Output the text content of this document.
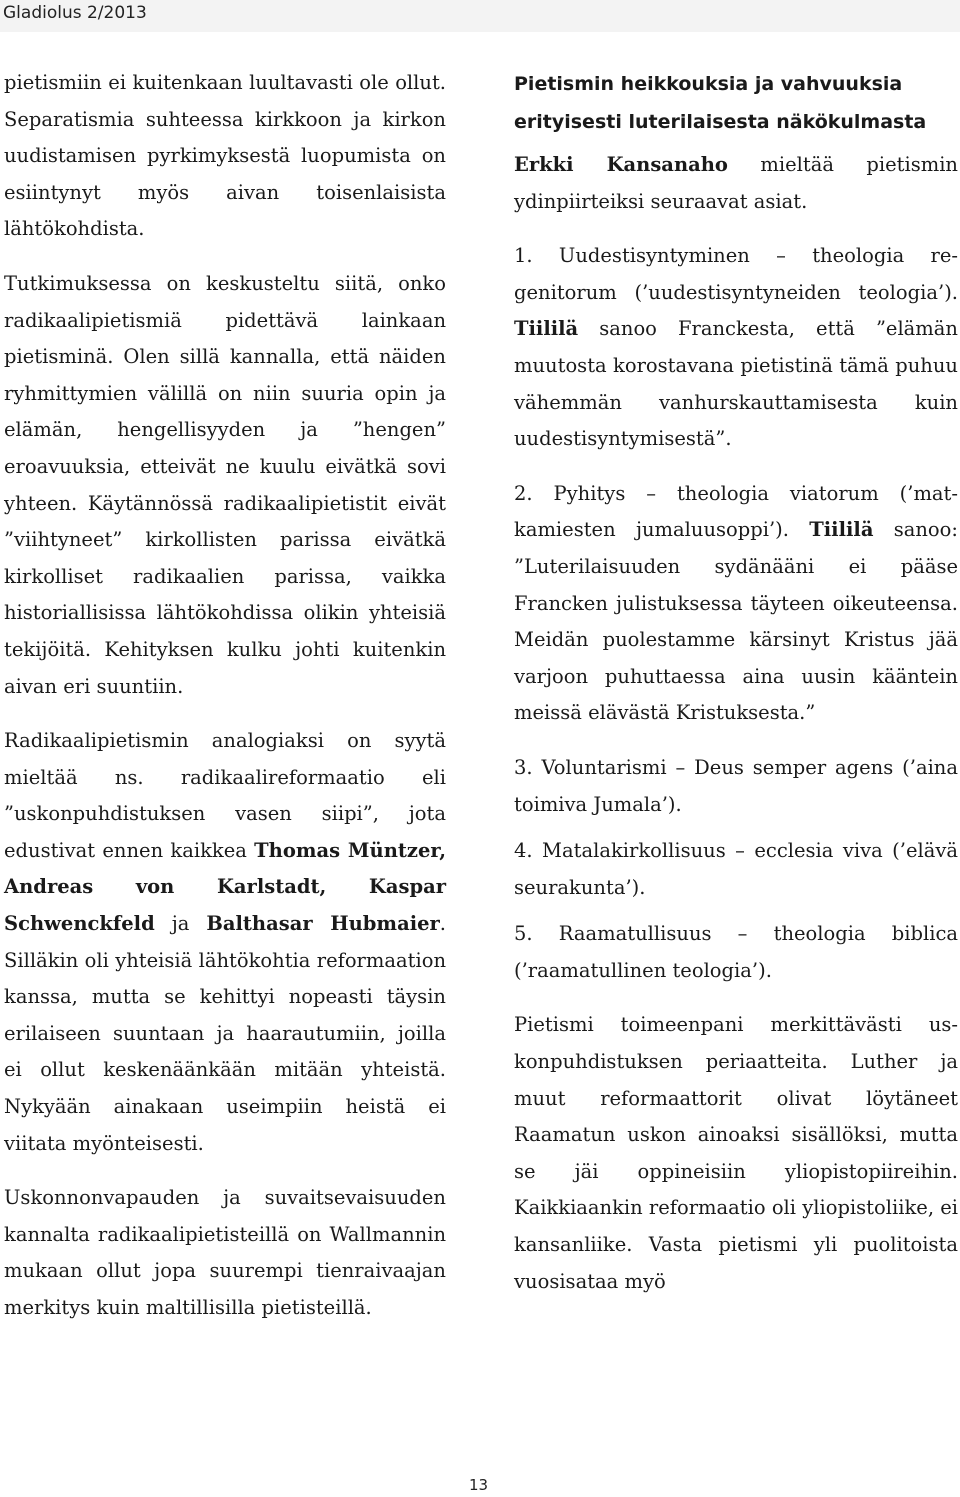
Gladiolus 2/2013

pietismiin ei kuitenkaan luultavasti ole ollut. Separatismia suhteessa kirkkoon ja kirkon uudistamisen pyrkimyksestä luopumista on esiintynyt myös aivan toisenlaisista lähtökohdista.

Tutkimuksessa on keskusteltu siitä, onko radikaalipietismiä pidettävä lainkaan pietisminä. Olen sillä kannalla, että näiden ryhmittymien välillä on niin suuria opin ja elämän, hengellisyyden ja ”hengen” eroavuuksia, etteivät ne kuulu eivätkä sovi yhteen. Käytännössä radikaalipietistit eivät ”viihtyneet” kirkollisten parissa eivätkä kirkolliset radikaalien parissa, vaikka historiallisissa lähtökohdissa olikin yhteisiä tekijöitä. Kehityksen kulku johti kuitenkin aivan eri suuntiin.

Radikaalipietismin analogiaksi on syytä mieltää ns. radikaalireformaatio eli ”uskonpuhdistuksen vasen siipi”, jota edustivat ennen kaikkea Thomas Müntzer, Andreas von Karlstadt, Kaspar Schwenckfeld ja Balthasar Hubmaier. Silläkin oli yhteisiä lähtökohtia reformaation kanssa, mutta se kehittyi nopeasti täysin erilaiseen suuntaan ja haarautumiin, joilla ei ollut keskenäänkään mitään yhteistä. Nykyään ainakaan useimpiin heistä ei viitata myönteisesti.

Uskonnonvapauden ja suvaitsevaisuuden kannalta radikaalipietisteillä on Wallmannin mukaan ollut jopa suurempi tienraivaajan merkitys kuin maltillisilla pietisteillä.

Pietismin heikkouksia ja vahvuuksia erityisesti luterilaisesta näkökulmasta

Erkki Kansanaho mieltää pietismin ydinpiirteiksi seuraavat asiat.

1. Uudestisyntyminen – theologia regenitorum (’uudestisyntyneiden teologia’). Tiililä sanoo Franckesta, että ”elämän muutosta korostavana pietistinä tämä puhuu vähemmän vanhurskauttamisesta kuin uudestisyntymisestä”.

2. Pyhitys – theologia viatorum (’matkamiesten jumaluusoppi’). Tiililä sanoo: ”Luterilaisuuden sydänääni ei pääse Francken julistuksessa täyteen oikeuteensa. Meidän puolestamme kärsinyt Kristus jää varjoon puhuttaessa aina uusin kääntein meissä elävästä Kristuksesta.”

3. Voluntarismi – Deus semper agens (’aina toimiva Jumala’).

4. Matalakirkollisuus – ecclesia viva (’elävä seurakunta’).

5. Raamatullisuus – theologia biblica (’raamatullinen teologia’).

Pietismi toimeenpani merkittävästi uskonpuhdistuksen periaatteita. Luther ja muut reformaattorit olivat löytäneet Raamatun uskon ainoaksi sisällöksi, mutta se jäi oppineisiin yliopistopiireihin. Kaikkiaankin reformaatio oli yliopistoliike, ei kansanliike. Vasta pietismi yli puolitoista vuosisataa myö

13
